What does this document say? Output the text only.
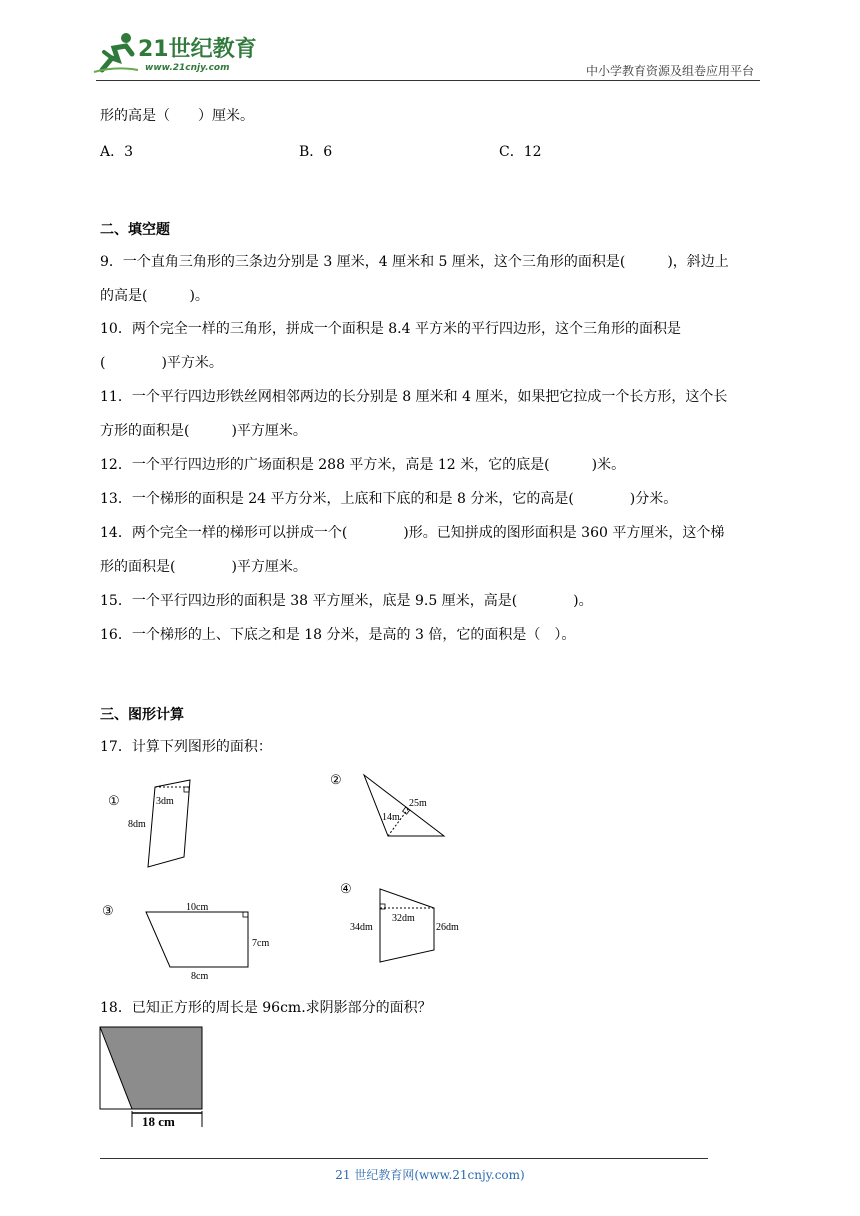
21世纪教育
www.21cnjy.com	中小学教育资源及组卷应用平台
形的高是（　　）厘米。
A．3	B．6	C．12
二、填空题
9．一个直角三角形的三条边分别是 3 厘米，4 厘米和 5 厘米，这个三角形的面积是(　　　)，斜边上
的高是(　　　)。
10．两个完全一样的三角形，拼成一个面积是 8.4 平方米的平行四边形，这个三角形的面积是
(　　　　)平方米。
11．一个平行四边形铁丝网相邻两边的长分别是 8 厘米和 4 厘米，如果把它拉成一个长方形，这个长
方形的面积是(　　　)平方厘米。
12．一个平行四边形的广场面积是 288 平方米，高是 12 米，它的底是(　　　)米。
13．一个梯形的面积是 24 平方分米，上底和下底的和是 8 分米，它的高是(　　　　)分米。
14．两个完全一样的梯形可以拼成一个(　　　　)形。已知拼成的图形面积是 360 平方厘米，这个梯
形的面积是(　　　　)平方厘米。
15．一个平行四边形的面积是 38 平方厘米，底是 9.5 厘米，高是(　　　　)。
16．一个梯形的上、下底之和是 18 分米，是高的 3 倍，它的面积是（　）。
三、图形计算
17．计算下列图形的面积：
①	3dm
8dm
②
25m
14m
③	10cm
7cm
8cm
④
34dm
32dm
26dm
18．已知正方形的周长是 96cm.求阴影部分的面积？
18 cm
21 世纪教育网(www.21cnjy.com)
